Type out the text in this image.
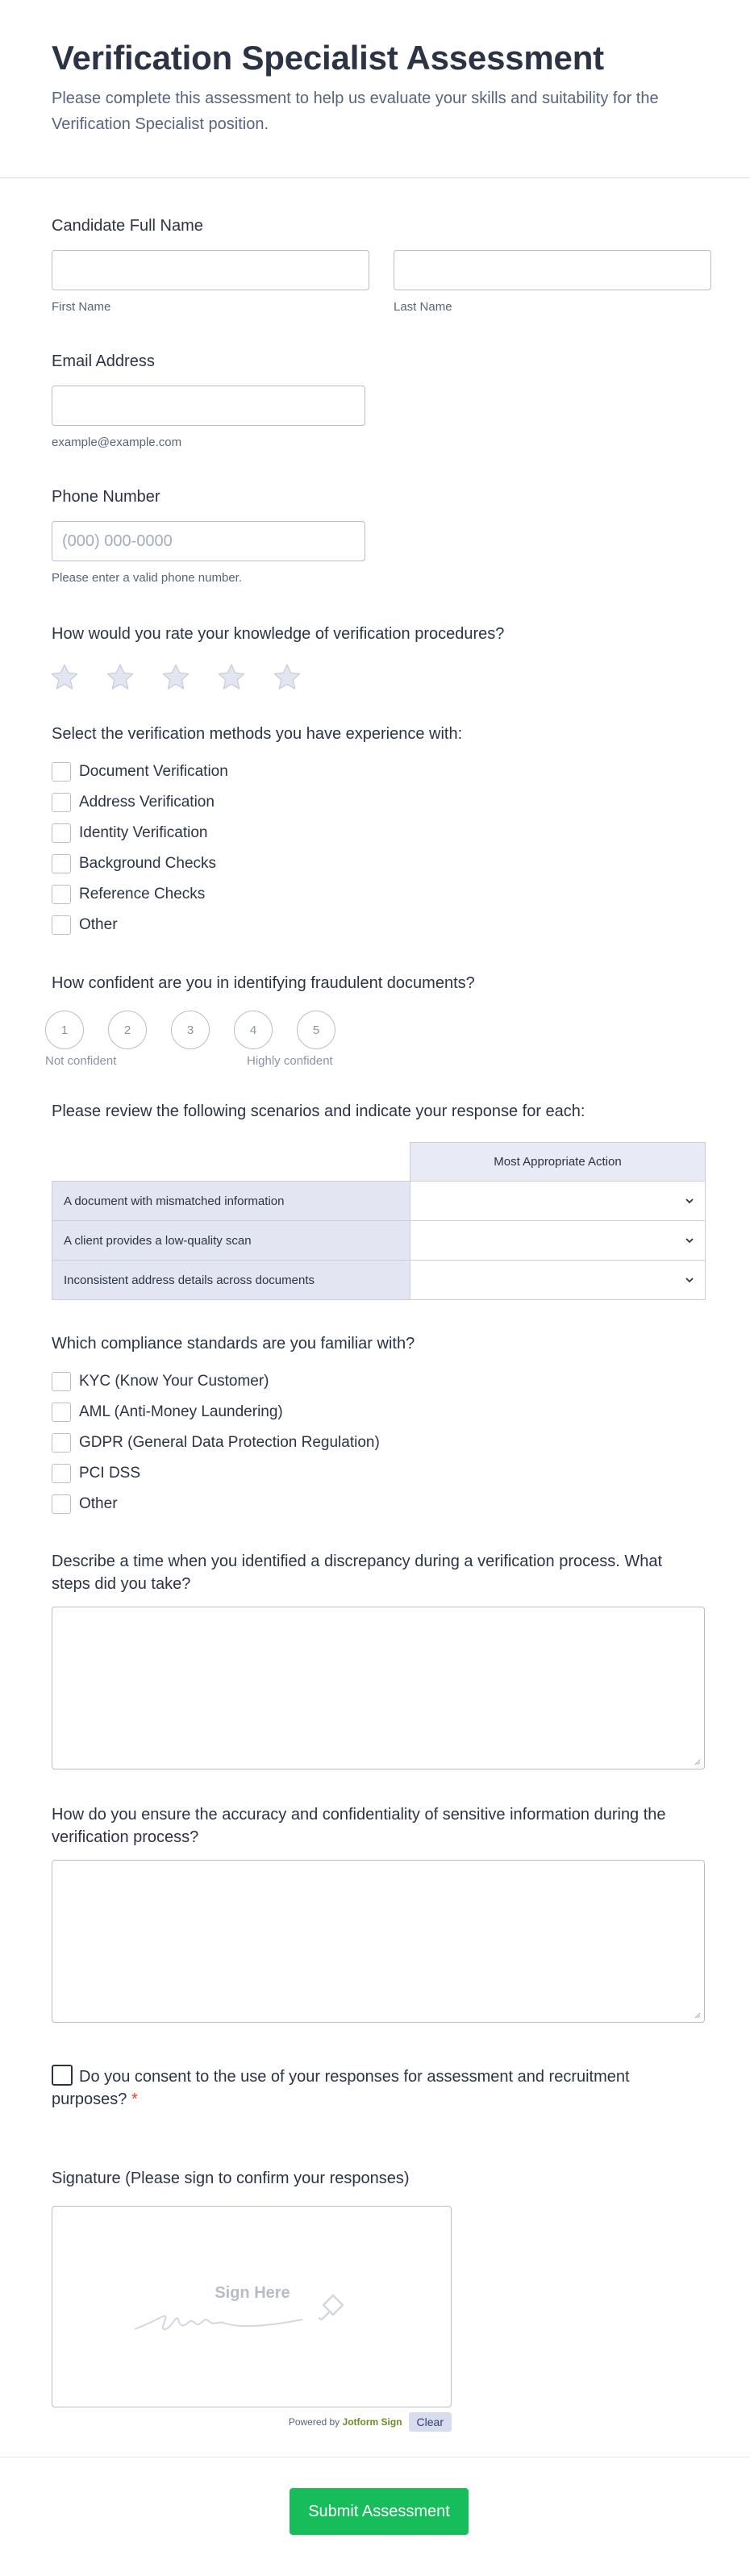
Verification Specialist Assessment

Please complete this assessment to help us evaluate your skills and suitability for the Verification Specialist position.

Candidate Full Name

First Name	Last Name

Email Address

example@example.com

Phone Number

(000) 000-0000
Please enter a valid phone number.

How would you rate your knowledge of verification procedures?

Select the verification methods you have experience with:

Document Verification
Address Verification
Identity Verification
Background Checks
Reference Checks
Other

How confident are you in identifying fraudulent documents?

1	2	3	4	5
Not confident	Highly confident

Please review the following scenarios and indicate your response for each:

	Most Appropriate Action
A document with mismatched information	

A client provides a low-quality scan	

Inconsistent address details across documents	

Which compliance standards are you familiar with?

KYC (Know Your Customer)
AML (Anti-Money Laundering)
GDPR (General Data Protection Regulation)
PCI DSS
Other

Describe a time when you identified a discrepancy during a verification process. What steps did you take?

How do you ensure the accuracy and confidentiality of sensitive information during the verification process?

Do you consent to the use of your responses for assessment and recruitment purposes? *

Signature (Please sign to confirm your responses)

Sign Here
Powered by Jotform Sign	Clear
Submit Assessment
